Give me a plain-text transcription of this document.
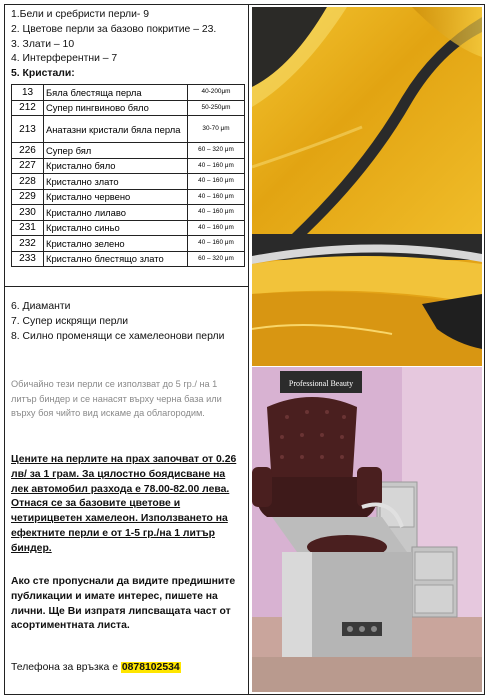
1.Бели и сребристи перли- 9
2. Цветове перли за базово покритие – 23.
3. Злати – 10
4. Интерферентни – 7
5. Кристали:
13	Бяла блестяща перла	40-200μm
212	Супер пингвиново бяло	50-250μm
213	Анатазни кристали бяла перла	30-70 μm
226	Супер бял	60 – 320 μm
227	Кристално бяло	40 – 160 μm
228	Кристално злато	40 – 160 μm
229	Кристално червено	40 – 160 μm
230	Кристално лилаво	40 – 160 μm
231	Кристално синьо	40 – 160 μm
232	Кристално зелено	40 – 160 μm
233	Кристално блестящо злато	60 – 320 μm
6. Диаманти
7. Супер искрящи перли
8. Силно променящи се хамелеонови перли
Обичайно тези перли се използват до 5 гр./ на 1 литър биндер и се нанасят върху черна база или върху боя чийто вид искаме да облагородим.
Цените на перлите на прах започват от 0.26 лв/ за 1 грам. За цялостно боядисване на лек автомобил разхода е 78.00-82.00 лева. Отнася се за базовите цветове и четирицветен хамелеон. Използването на ефектните перли е от 1-5 гр./на 1 литър биндер.
Ако сте пропуснали да видите предишните публикации и имате интерес, пишете на лични. Ще Ви изпратя липсващата част от асортиментната листа.
Телефона за връзка е 0878102534
Professional Beauty
